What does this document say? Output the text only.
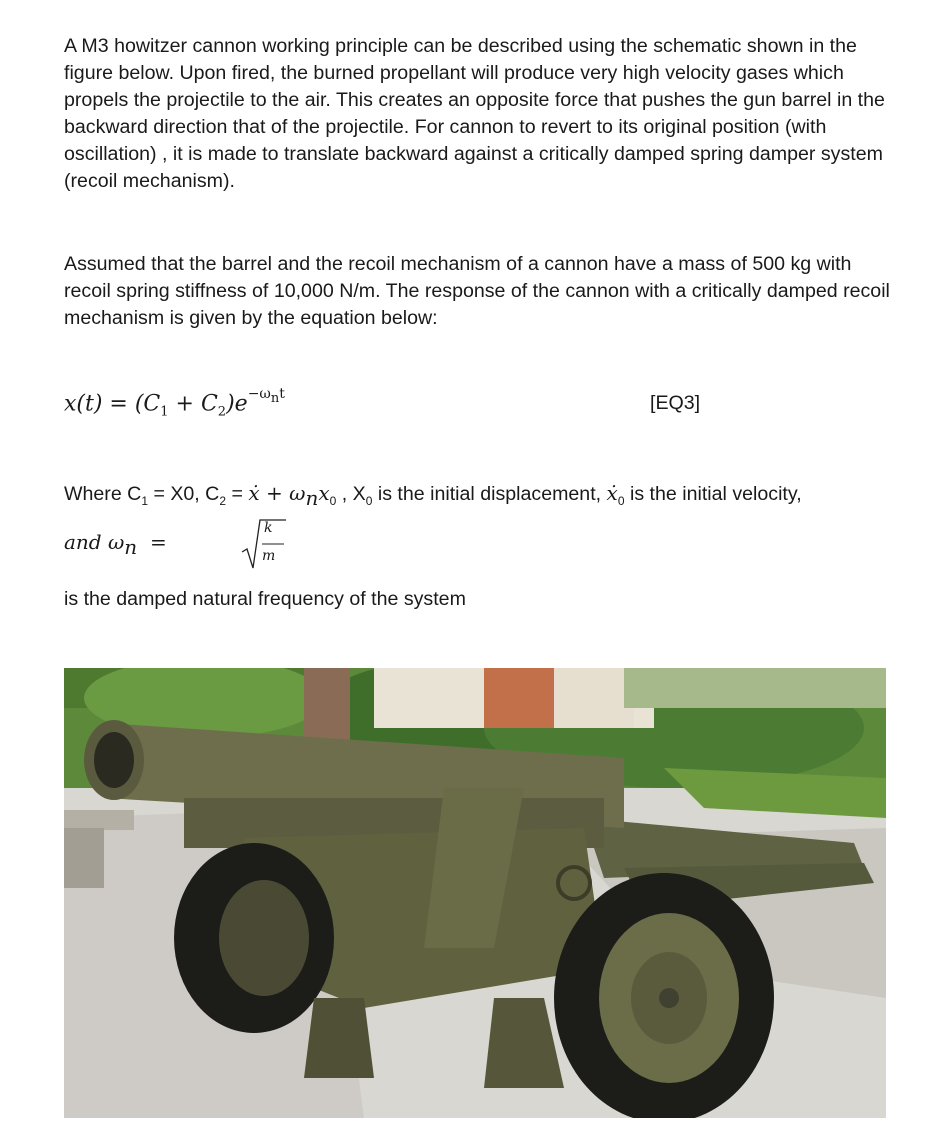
A M3 howitzer cannon working principle can be described using the schematic shown in the figure below. Upon fired, the burned propellant will produce very high velocity gases which propels the projectile to the air. This creates an opposite force that pushes the gun barrel in the backward direction that of the projectile. For cannon to revert to its original position (with oscillation) , it is made to translate backward against a critically damped spring damper system (recoil mechanism).

Assumed that the barrel and the recoil mechanism of a cannon have a mass of 500 kg with recoil spring stiffness of 10,000 N/m. The response of the cannon with a critically damped recoil mechanism is given by the equation below:

$x(t) = (C_1 + C_2)e^{-\omega_nt}$	[EQ3]
Where $C_1 = X0$, $C_2$ = ẋ + $\omega_nx_0$ , $X_0$ is the initial displacement, ẋ$_0$ is the initial velocity,
and $\omega_n$ =
k
m
is the damped natural frequency of the system
